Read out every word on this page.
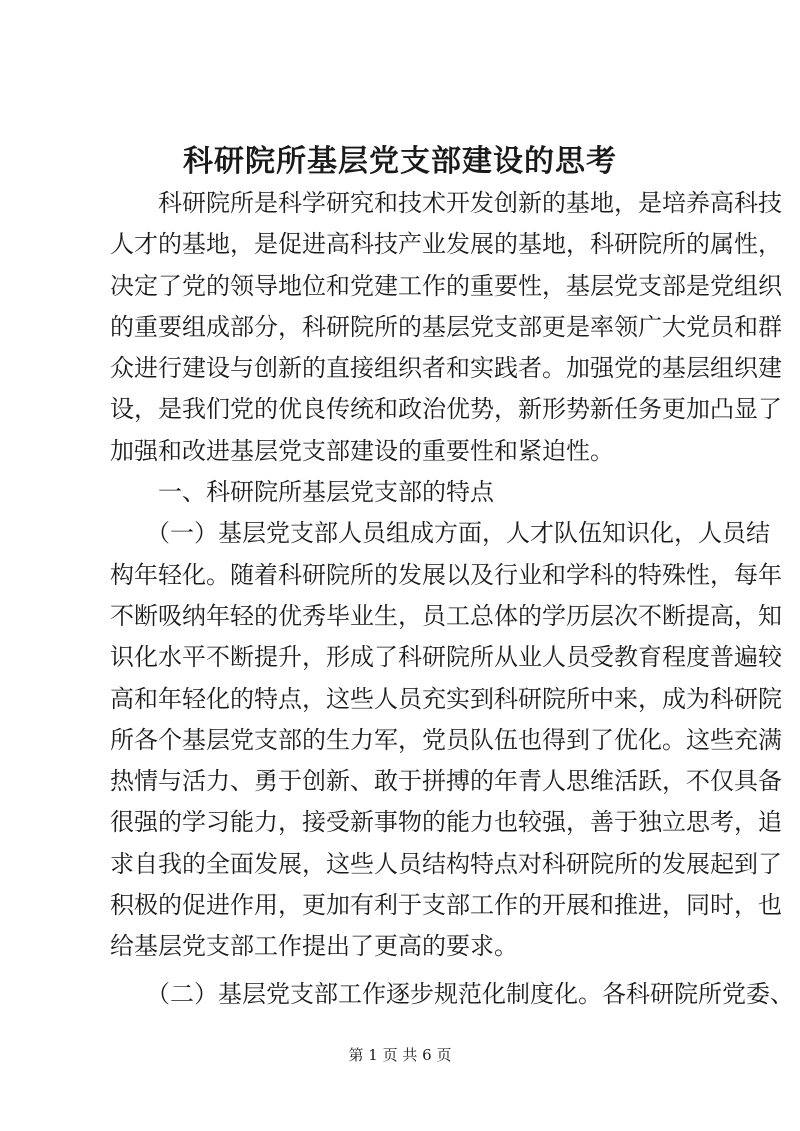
科研院所基层党支部建设的思考
　　科研院所是科学研究和技术开发创新的基地，是培养高科技
人才的基地，是促进高科技产业发展的基地，科研院所的属性，
决定了党的领导地位和党建工作的重要性，基层党支部是党组织
的重要组成部分，科研院所的基层党支部更是率领广大党员和群
众进行建设与创新的直接组织者和实践者。加强党的基层组织建
设，是我们党的优良传统和政治优势，新形势新任务更加凸显了
加强和改进基层党支部建设的重要性和紧迫性。
　　一、科研院所基层党支部的特点
　　（一）基层党支部人员组成方面，人才队伍知识化，人员结
构年轻化。随着科研院所的发展以及行业和学科的特殊性，每年
不断吸纳年轻的优秀毕业生，员工总体的学历层次不断提高，知
识化水平不断提升，形成了科研院所从业人员受教育程度普遍较
高和年轻化的特点，这些人员充实到科研院所中来，成为科研院
所各个基层党支部的生力军，党员队伍也得到了优化。这些充满
热情与活力、勇于创新、敢于拼搏的年青人思维活跃，不仅具备
很强的学习能力，接受新事物的能力也较强，善于独立思考，追
求自我的全面发展，这些人员结构特点对科研院所的发展起到了
积极的促进作用，更加有利于支部工作的开展和推进，同时，也
给基层党支部工作提出了更高的要求。
　　（二）基层党支部工作逐步规范化制度化。各科研院所党委、
第 1 页 共 6 页
